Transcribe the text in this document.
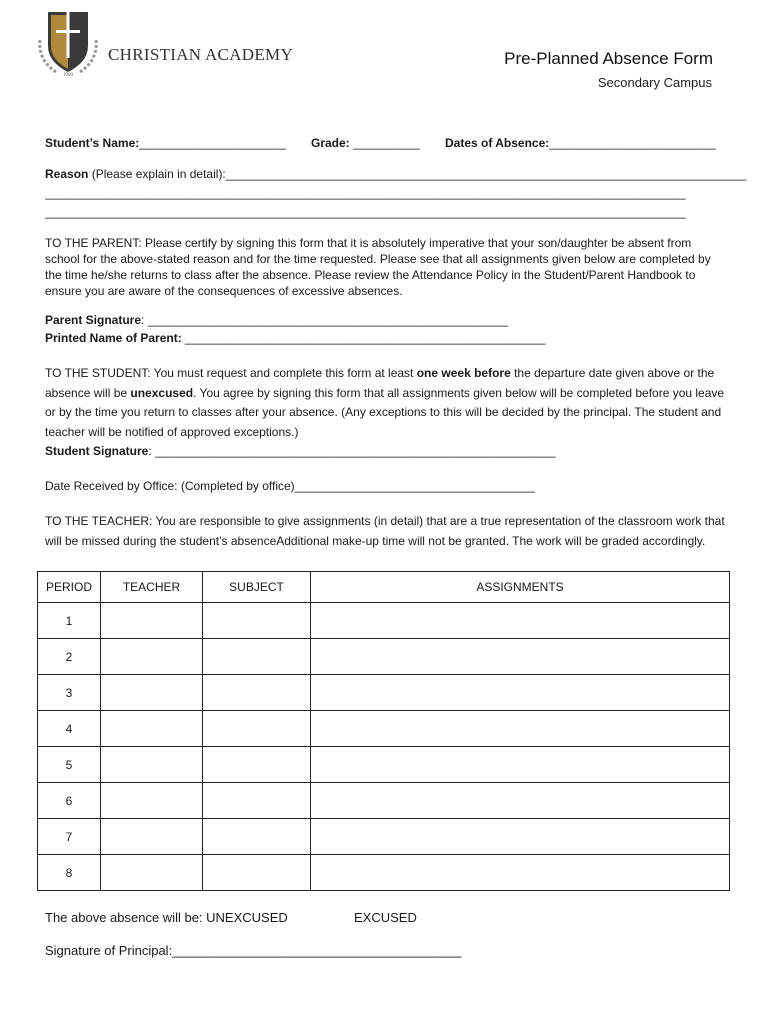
1990
CHRISTIAN ACADEMY	Pre-Planned Absence Form
Secondary Campus
Student’s Name:______________________ Grade: __________ Dates of Absence:_________________________
Reason (Please explain in detail):______________________________________________________________________________
________________________________________________________________________________________________
________________________________________________________________________________________________
TO THE PARENT: Please certify by signing this form that it is absolutely imperative that your son/daughter be absent from school for the above-stated reason and for the time requested. Please see that all assignments given below are completed by the time he/she returns to class after the absence. Please review the Attendance Policy in the Student/Parent Handbook to ensure you are aware of the consequences of excessive absences.
Parent Signature: ______________________________________________________
Printed Name of Parent: ______________________________________________________
TO THE STUDENT: You must request and complete this form at least one week before the departure date given above or the absence will be unexcused. You agree by signing this form that all assignments given below will be completed before you leave or by the time you return to classes after your absence. (Any exceptions to this will be decided by the principal. The student and teacher will be notified of approved exceptions.)
Student Signature: ____________________________________________________________
Date Received by Office: (Completed by office)____________________________________
TO THE TEACHER: You are responsible to give assignments (in detail) that are a true representation of the classroom work that will be missed during the student’s absenceAdditional make-up time will not be granted. The work will be graded accordingly.
PERIOD	TEACHER	SUBJECT	ASSIGNMENTS
1			
2			
3			
4			
5			
6			
7			
8			
The above absence will be: UNEXCUSED	EXCUSED
Signature of Principal:________________________________________
